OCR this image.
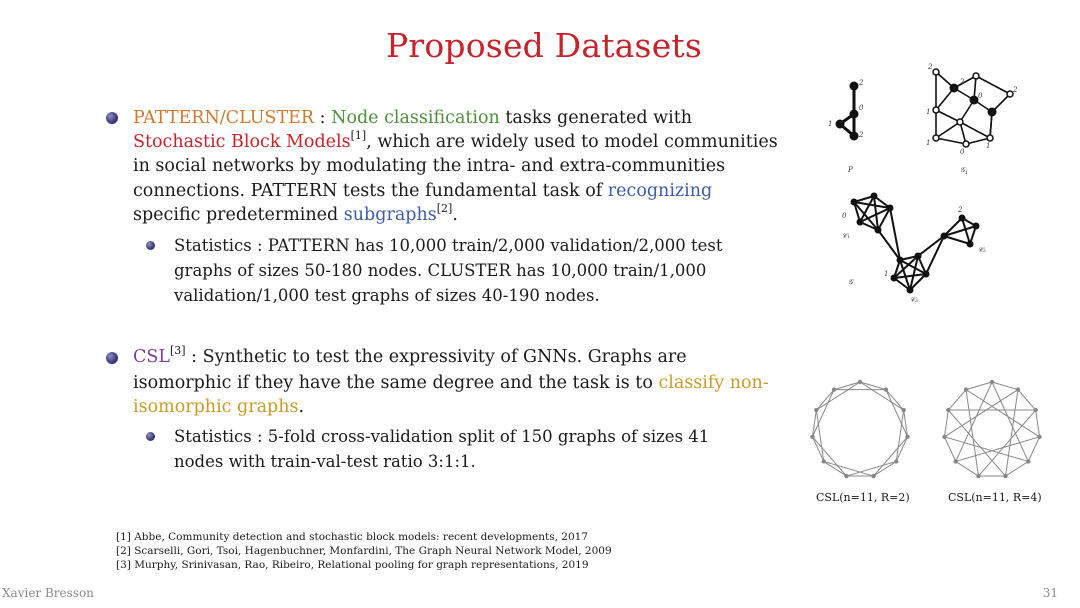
Proposed Datasets
PATTERN/CLUSTER : Node classification tasks generated with
Stochastic Block Models[1], which are widely used to model communities
in social networks by modulating the intra- and extra-communities
connections. PATTERN tests the fundamental task of recognizing
specific predetermined subgraphs[2].
Statistics : PATTERN has 10,000 train/2,000 validation/2,000 test
graphs of sizes 50-180 nodes. CLUSTER has 10,000 train/1,000
validation/1,000 test graphs of sizes 40-190 nodes.
CSL[3] : Synthetic to test the expressivity of GNNs. Graphs are
isomorphic if they have the same degree and the task is to classify non-
isomorphic graphs.
Statistics : 5-fold cross-validation split of 150 graphs of sizes 41
nodes with train-val-test ratio 3:1:1.
2
0
1
2
P
2
2
0
1
1
0
1
2
𝒢$_1$
0
2
1
𝒞₁
𝒞₂
𝒞₃
𝒢
CSL(n=11, R=2)	CSL(n=11, R=4)
[1] Abbe, Community detection and stochastic block models: recent developments, 2017
[2] Scarselli, Gori, Tsoi, Hagenbuchner, Monfardini, The Graph Neural Network Model, 2009
[3] Murphy, Srinivasan, Rao, Ribeiro, Relational pooling for graph representations, 2019
Xavier Bresson	31
